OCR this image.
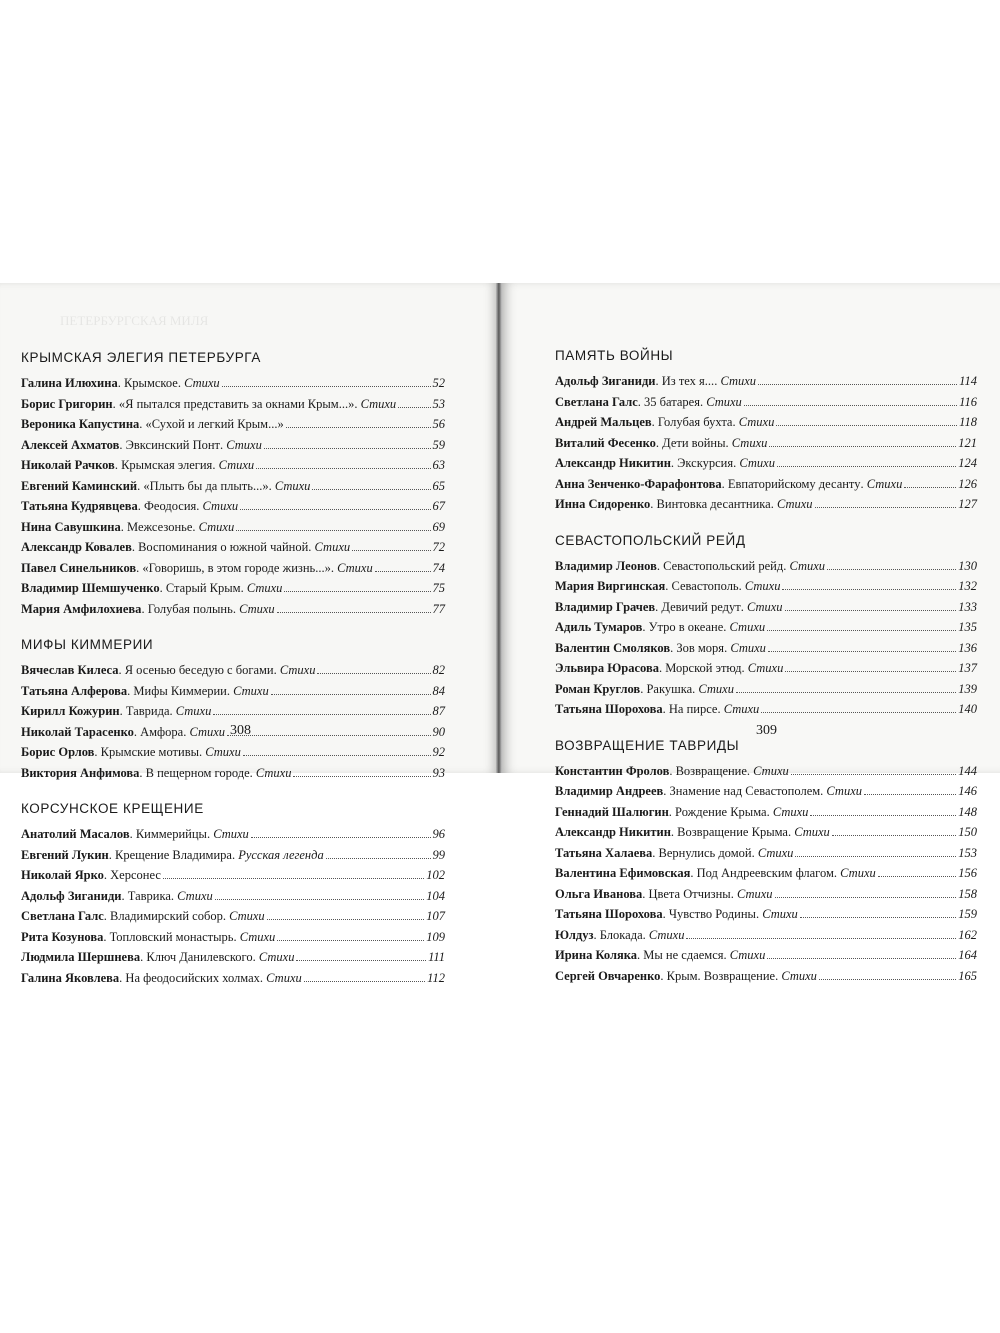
ПЕТЕРБУРГСКАЯ МИЛЯ
КРЫМСКАЯ ЭЛЕГИЯ ПЕТЕРБУРГА
Галина Илюхина . Крымское . Стихи	52
Борис Григорин . «Я пытался представить за окнами Крым...» . Стихи	53
Вероника Капустина . «Сухой и легкий Крым...»	56
Алексей Ахматов . Эвксинский Понт . Стихи	59
Николай Рачков . Крымская элегия . Стихи	63
Евгений Каминский . «Плыть бы да плыть...» . Стихи	65
Татьяна Кудрявцева . Феодосия . Стихи	67
Нина Савушкина . Межсезонье . Стихи	69
Александр Ковалев . Воспоминания о южной чайной . Стихи	72
Павел Синельников . «Говоришь, в этом городе жизнь...» . Стихи	74
Владимир Шемшученко . Старый Крым . Стихи	75
Мария Амфилохиева . Голубая полынь . Стихи	77
МИФЫ КИММЕРИИ
Вячеслав Килеса . Я осенью беседую с богами . Стихи	82
Татьяна Алферова . Мифы Киммерии . Стихи	84
Кирилл Кожурин . Таврида . Стихи	87
Николай Тарасенко . Амфора . Стихи	90
Борис Орлов . Крымские мотивы . Стихи	92
Виктория Анфимова . В пещерном городе . Стихи	93
КОРСУНСКОЕ КРЕЩЕНИЕ
Анатолий Масалов . Киммерийцы . Стихи	96
Евгений Лукин . Крещение Владимира . Русская легенда	99
Николай Ярко . Херсонес	102
Адольф Зиганиди . Таврика . Стихи	104
Светлана Галс . Владимирский собор . Стихи	107
Рита Козунова . Топловский монастырь . Стихи	109
Людмила Шершнева . Ключ Данилевского . Стихи	111
Галина Яковлева . На феодосийских холмах . Стихи	112
308
ПАМЯТЬ ВОЙНЫ
Адольф Зиганиди . Из тех я... . Стихи	114
Светлана Галс . 35 батарея . Стихи	116
Андрей Мальцев . Голубая бухта . Стихи	118
Виталий Фесенко . Дети войны . Стихи	121
Александр Никитин . Экскурсия . Стихи	124
Анна Зенченко-Фарафонтова . Евпаторийскому десанту . Стихи	126
Инна Сидоренко . Винтовка десантника . Стихи	127
СЕВАСТОПОЛЬСКИЙ РЕЙД
Владимир Леонов . Севастопольский рейд . Стихи	130
Мария Виргинская . Севастополь . Стихи	132
Владимир Грачев . Девичий редут . Стихи	133
Адиль Тумаров . Утро в океане . Стихи	135
Валентин Смоляков . Зов моря . Стихи	136
Эльвира Юрасова . Морской этюд . Стихи	137
Роман Круглов . Ракушка . Стихи	139
Татьяна Шорохова . На пирсе . Стихи	140
ВОЗВРАЩЕНИЕ ТАВРИДЫ
Константин Фролов . Возвращение . Стихи	144
Владимир Андреев . Знамение над Севастополем . Стихи	146
Геннадий Шалюгин . Рождение Крыма . Стихи	148
Александр Никитин . Возвращение Крыма . Стихи	150
Татьяна Халаева . Вернулись домой . Стихи	153
Валентина Ефимовская . Под Андреевским флагом . Стихи	156
Ольга Иванова . Цвета Отчизны . Стихи	158
Татьяна Шорохова . Чувство Родины . Стихи	159
Юлдуз . Блокада . Стихи	162
Ирина Коляка . Мы не сдаемся . Стихи	164
Сергей Овчаренко . Крым. Возвращение . Стихи	165
309
